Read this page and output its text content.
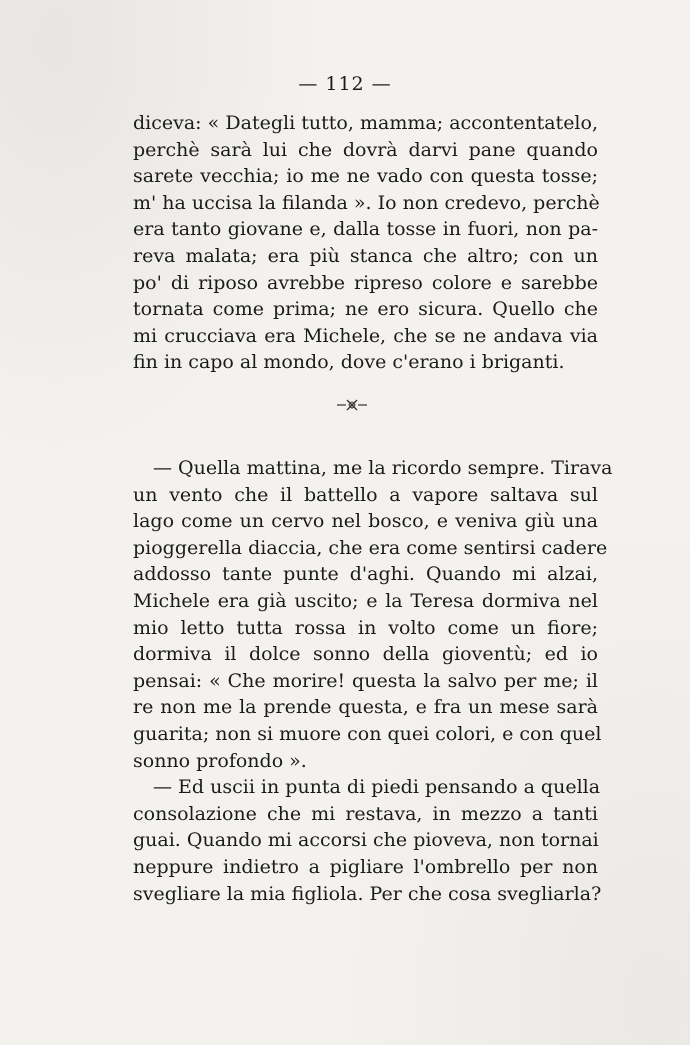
— 112 —
diceva: « Dategli tutto, mamma; accontentatelo,
perchè sarà lui che dovrà darvi pane quando
sarete vecchia; io me ne vado con questa tosse;
m' ha uccisa la filanda ». Io non credevo, perchè
era tanto giovane e, dalla tosse in fuori, non pa-
reva malata; era più stanca che altro; con un
po' di riposo avrebbe ripreso colore e sarebbe
tornata come prima; ne ero sicura. Quello che
mi crucciava era Michele, che se ne andava via
fin in capo al mondo, dove c'erano i briganti.
— Quella mattina, me la ricordo sempre. Tirava
un vento che il battello a vapore saltava sul
lago come un cervo nel bosco, e veniva giù una
pioggerella diaccia, che era come sentirsi cadere
addosso tante punte d'aghi. Quando mi alzai,
Michele era già uscito; e la Teresa dormiva nel
mio letto tutta rossa in volto come un fiore;
dormiva il dolce sonno della gioventù; ed io
pensai: « Che morire! questa la salvo per me; il
re non me la prende questa, e fra un mese sarà
guarita; non si muore con quei colori, e con quel
sonno profondo ».
— Ed uscii in punta di piedi pensando a quella
consolazione che mi restava, in mezzo a tanti
guai. Quando mi accorsi che pioveva, non tornai
neppure indietro a pigliare l'ombrello per non
svegliare la mia figliola. Per che cosa svegliarla?
